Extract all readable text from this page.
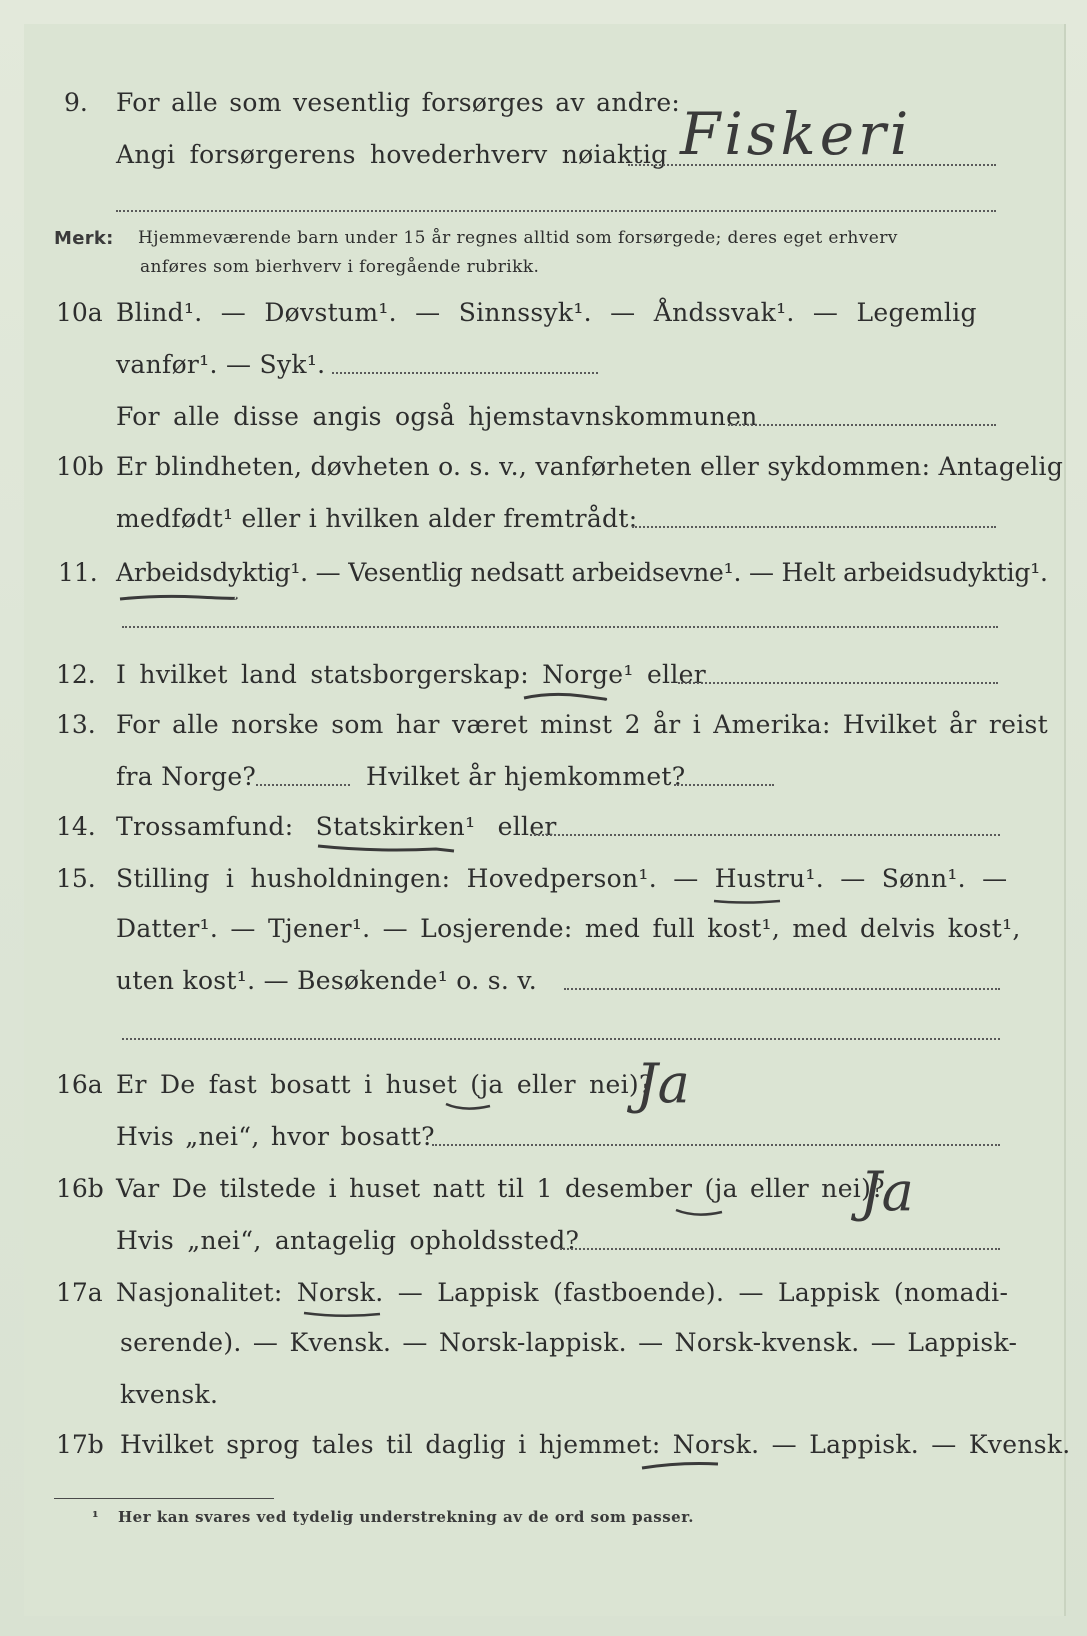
9. For alle som vesentlig forsørges av andre:
Angi forsørgerens hovederhverv nøiaktig Fiskeri
Merk: Hjemmeværende barn under 15 år regnes alltid som forsørgede; deres eget erhverv
anføres som bierhverv i foregående rubrikk.
10a Blind¹. — Døvstum¹. — Sinnssyk¹. — Åndssvak¹. — Legemlig
vanfør¹. — Syk¹.
For alle disse angis også hjemstavnskommunen
10b Er blindheten, døvheten o. s. v., vanførheten eller sykdommen: Antagelig
medfødt¹ eller i hvilken alder fremtrådt:
11. Arbeidsdyktig¹. — Vesentlig nedsatt arbeidsevne¹. — Helt arbeidsudyktig¹.
12. I hvilket land statsborgerskap: Norge¹ eller
13. For alle norske som har været minst 2 år i Amerika: Hvilket år reist
fra Norge?	Hvilket år hjemkommet?
14. Trossamfund: Statskirken¹ eller
15. Stilling i husholdningen: Hovedperson¹. — Hustru¹. — Sønn¹. —
Datter¹. — Tjener¹. — Losjerende: med full kost¹, med delvis kost¹,
uten kost¹. — Besøkende¹ o. s. v.
16a Er De fast bosatt i huset (ja eller nei)?
Ja
Hvis „nei“, hvor bosatt?
16b Var De tilstede i huset natt til 1 desember (ja eller nei)?
Ja
Hvis „nei“, antagelig opholdssted?
17a Nasjonalitet: Norsk. — Lappisk (fastboende). — Lappisk (nomadi-
serende). — Kvensk. — Norsk-lappisk. — Norsk-kvensk. — Lappisk-
kvensk.
17b Hvilket sprog tales til daglig i hjemmet: Norsk. — Lappisk. — Kvensk.
¹ Her kan svares ved tydelig understrekning av de ord som passer.
